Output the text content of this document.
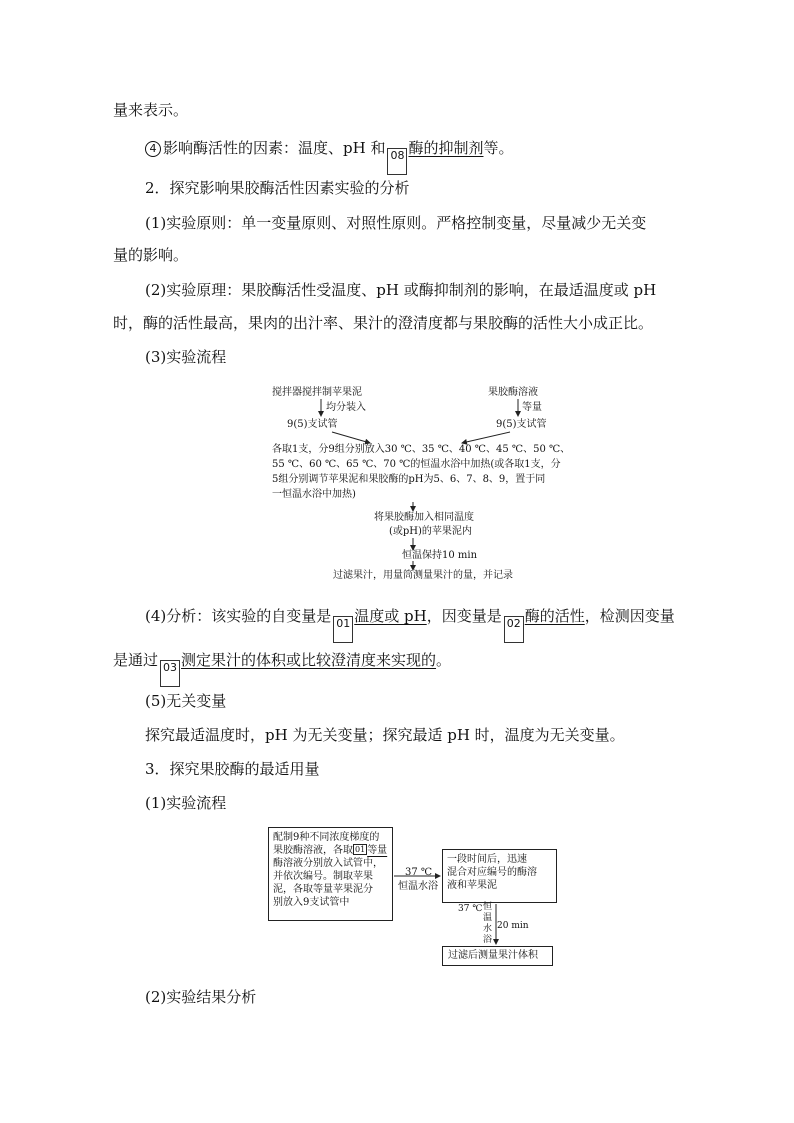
量来表示。
4 影响酶活性的因素：温度、pH 和 08 酶的抑制剂等。
2．探究影响果胶酶活性因素实验的分析
(1)实验原则：单一变量原则、对照性原则。严格控制变量，尽量减少无关变
量的影响。
(2)实验原理：果胶酶活性受温度、pH 或酶抑制剂的影响，在最适温度或 pH
时，酶的活性最高，果肉的出汁率、果汁的澄清度都与果胶酶的活性大小成正比。
(3)实验流程
搅拌器搅拌制苹果泥
均分装入
9(5)支试管
果胶酶溶液
等量
9(5)支试管
各取1支，分9组分别放入30 ℃、35 ℃、40 ℃、45 ℃、50 ℃、
55 ℃、60 ℃、65 ℃、70 ℃的恒温水浴中加热(或各取1支，分
5组分别调节苹果泥和果胶酶的pH为5、6、7、8、9，置于同
一恒温水浴中加热)
将果胶酶加入相同温度
(或pH)的苹果泥内
恒温保持10 min
过滤果汁，用量筒测量果汁的量，并记录
(4)分析：该实验的自变量是 01 温度或 pH，因变量是 02 酶的活性，检测因变量
是通过 03 测定果汁的体积或比较澄清度来实现的。
(5)无关变量
探究最适温度时，pH 为无关变量；探究最适 pH 时，温度为无关变量。
3．探究果胶酶的最适用量
(1)实验流程
配制9种不同浓度梯度的
果胶酶溶液，各取 01 等量
酶溶液分别放入试管中，
并依次编号。制取苹果
泥，各取等量苹果泥分
别放入9支试管中
37 ℃
恒温水浴
一段时间后，迅速
混合对应编号的酶溶
液和苹果泥
37 ℃ 恒
温
水
浴
20 min
过滤后测量果汁体积
(2)实验结果分析
